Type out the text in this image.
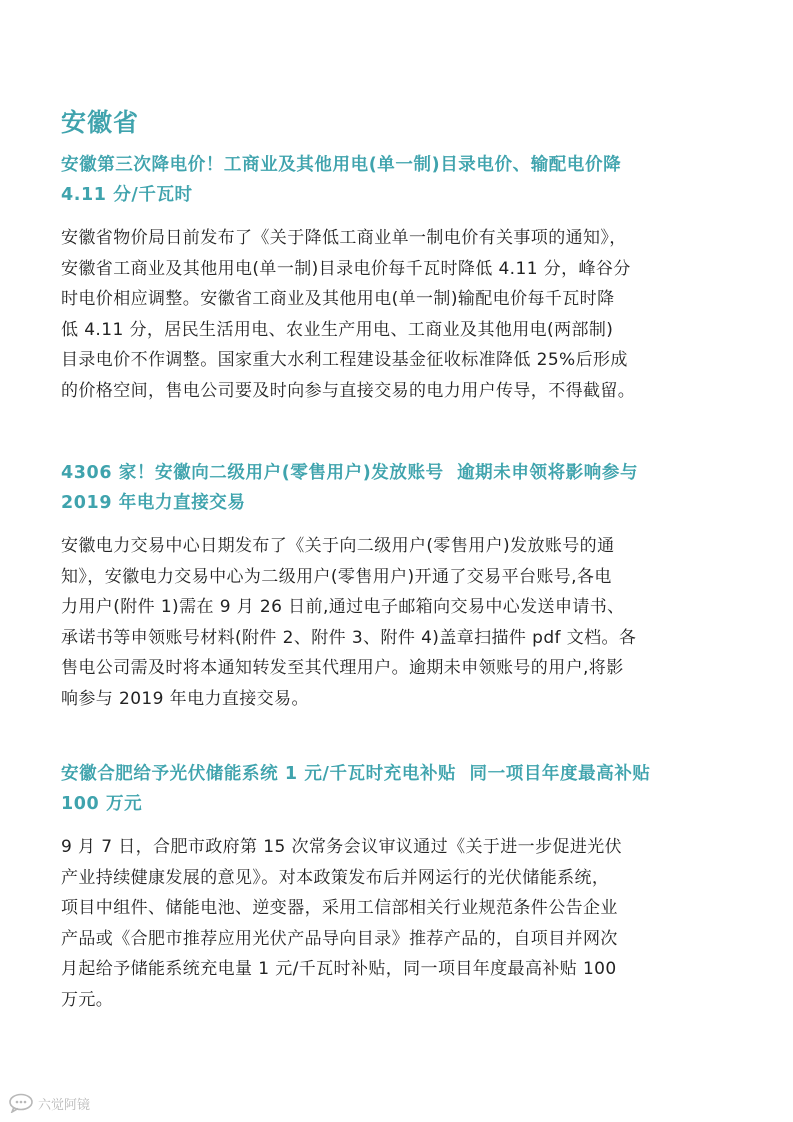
安徽省
安徽第三次降电价！工商业及其他用电(单一制)目录电价、输配电价降
4.11 分/千瓦时

安徽省物价局日前发布了《关于降低工商业单一制电价有关事项的通知》，

安徽省工商业及其他用电(单一制)目录电价每千瓦时降低 4.11 分，峰谷分

时电价相应调整。安徽省工商业及其他用电(单一制)输配电价每千瓦时降

低 4.11 分，居民生活用电、农业生产用电、工商业及其他用电(两部制)

目录电价不作调整。国家重大水利工程建设基金征收标准降低 25%后形成

的价格空间，售电公司要及时向参与直接交易的电力用户传导，不得截留。

4306 家！安徽向二级用户(零售用户)发放账号  逾期未申领将影响参与
2019 年电力直接交易

安徽电力交易中心日期发布了《关于向二级用户(零售用户)发放账号的通

知》，安徽电力交易中心为二级用户(零售用户)开通了交易平台账号,各电

力用户(附件 1)需在 9 月 26 日前,通过电子邮箱向交易中心发送申请书、

承诺书等申领账号材料(附件 2、附件 3、附件 4)盖章扫描件 pdf 文档。各

售电公司需及时将本通知转发至其代理用户。逾期未申领账号的用户,将影

响参与 2019 年电力直接交易。

安徽合肥给予光伏储能系统 1 元/千瓦时充电补贴  同一项目年度最高补贴
100 万元

9 月 7 日，合肥市政府第 15 次常务会议审议通过《关于进一步促进光伏

产业持续健康发展的意见》。对本政策发布后并网运行的光伏储能系统，

项目中组件、储能电池、逆变器，采用工信部相关行业规范条件公告企业

产品或《合肥市推荐应用光伏产品导向目录》推荐产品的，自项目并网次

月起给予储能系统充电量 1 元/千瓦时补贴，同一项目年度最高补贴 100

万元。

六觉阿镜
